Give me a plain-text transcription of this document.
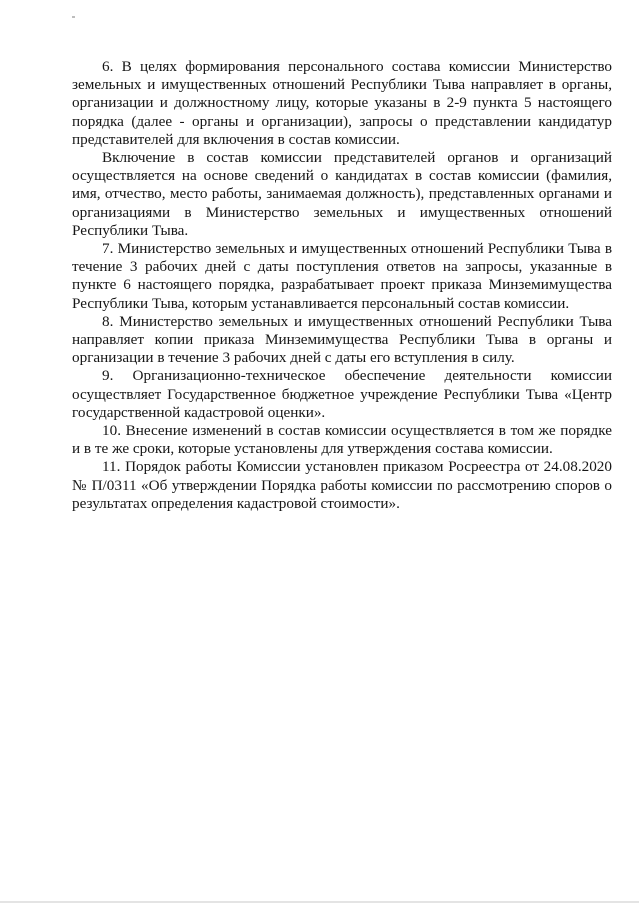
6. В целях формирования персонального состава комиссии Министерство земельных и имущественных отношений Республики Тыва направляет в органы, организации и должностному лицу, которые указаны в 2-9 пункта 5 настоящего порядка (далее - органы и организации), запросы о представлении кандидатур представителей для включения в состав комиссии.

Включение в состав комиссии представителей органов и организаций осуществляется на основе сведений о кандидатах в состав комиссии (фамилия, имя, отчество, место работы, занимаемая должность), представленных органами и организациями в Министерство земельных и имущественных отношений Республики Тыва.

7. Министерство земельных и имущественных отношений Республики Тыва в течение 3 рабочих дней с даты поступления ответов на запросы, указанные в пункте 6 настоящего порядка, разрабатывает проект приказа Минземимущества Республики Тыва, которым устанавливается персональный состав комиссии.

8. Министерство земельных и имущественных отношений Республики Тыва направляет копии приказа Минземимущества Республики Тыва в органы и организации в течение 3 рабочих дней с даты его вступления в силу.

9. Организационно-техническое обеспечение деятельности комиссии осуществляет Государственное бюджетное учреждение Республики Тыва «Центр государственной кадастровой оценки».

10. Внесение изменений в состав комиссии осуществляется в том же порядке и в те же сроки, которые установлены для утверждения состава комиссии.

11. Порядок работы Комиссии установлен приказом Росреестра от 24.08.2020 № П/0311 «Об утверждении Порядка работы комиссии по рассмотрению споров о результатах определения кадастровой стоимости».
